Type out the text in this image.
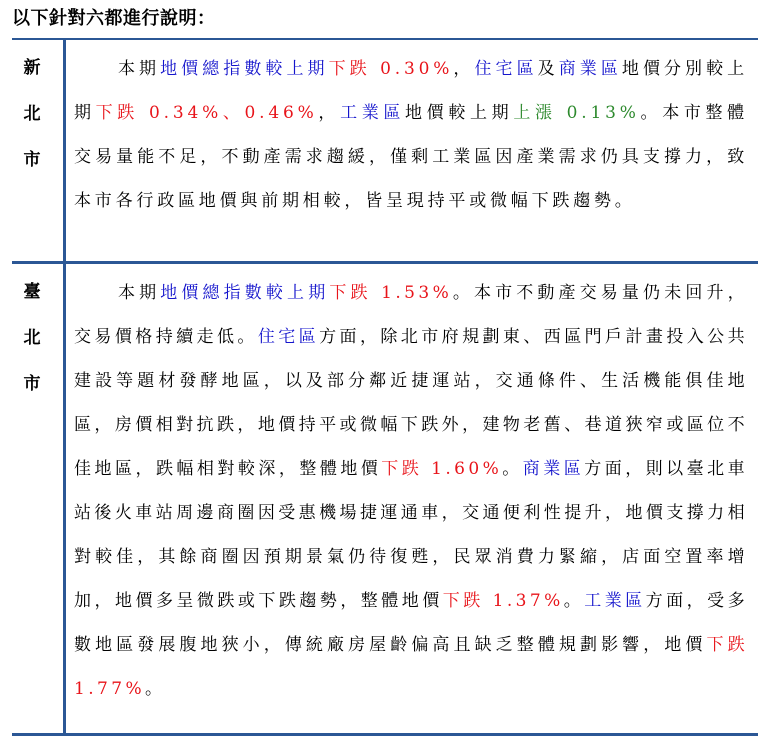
以下針對六都進行說明：
新
北
市
本期地價總指數較上期下跌 0.30%，住宅區及商業區地價分別較上期下跌 0.34%、0.46%，工業區地價較上期上漲 0.13%。本市整體交易量能不足，不動產需求趨緩，僅剩工業區因產業需求仍具支撐力，致本市各行政區地價與前期相較，皆呈現持平或微幅下跌趨勢。
臺
北
市
本期地價總指數較上期下跌 1.53%。本市不動產交易量仍未回升，交易價格持續走低。住宅區方面，除北市府規劃東、西區門戶計畫投入公共建設等題材發酵地區，以及部分鄰近捷運站，交通條件、生活機能俱佳地區，房價相對抗跌，地價持平或微幅下跌外，建物老舊、巷道狹窄或區位不佳地區，跌幅相對較深，整體地價下跌 1.60%。商業區方面，則以臺北車站後火車站周邊商圈因受惠機場捷運通車，交通便利性提升，地價支撐力相對較佳，其餘商圈因預期景氣仍待復甦，民眾消費力緊縮，店面空置率增加，地價多呈微跌或下跌趨勢，整體地價下跌 1.37%。工業區方面，受多數地區發展腹地狹小，傳統廠房屋齡偏高且缺乏整體規劃影響，地價下跌 1.77%。
